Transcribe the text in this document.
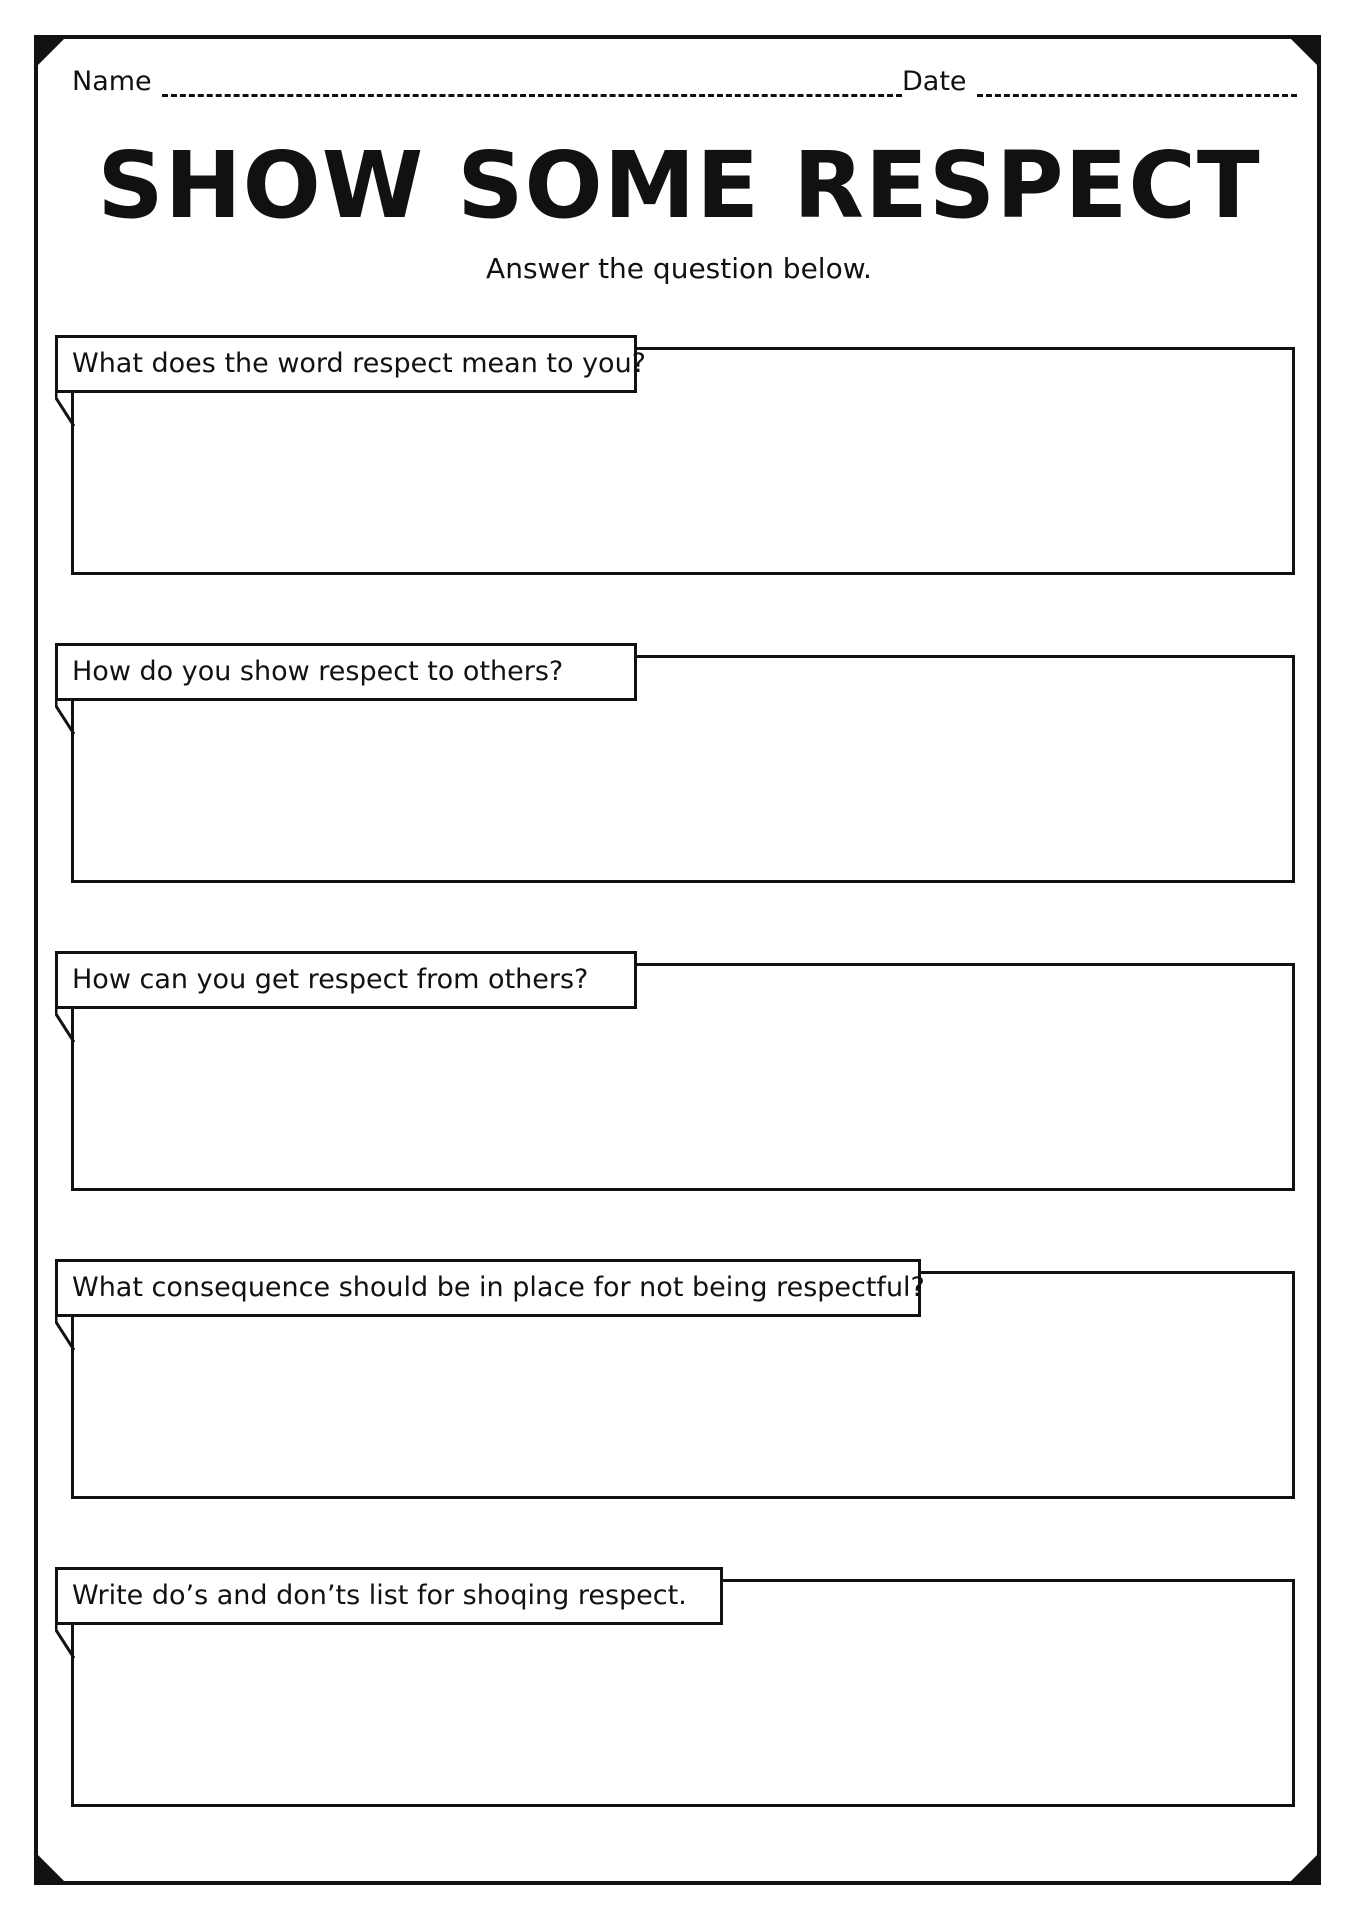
Name	Date
SHOW SOME RESPECT
Answer the question below.
What does the word respect mean to you?
How do you show respect to others?
How can you get respect from others?
What consequence should be in place for not being respectful?
Write do’s and don’ts list for shoqing respect.
